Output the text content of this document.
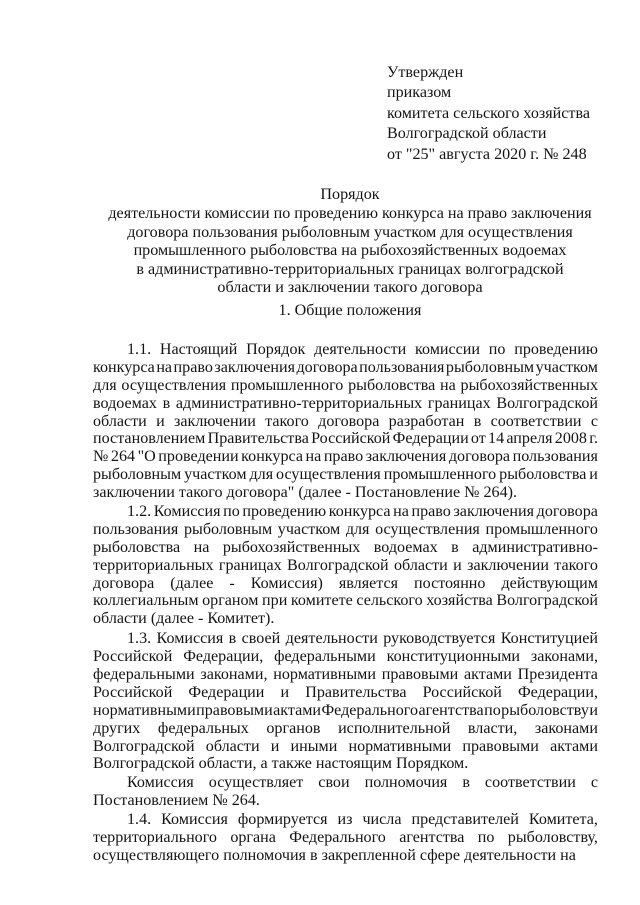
Утвержден
приказом
комитета сельского хозяйства
Волгоградской области
от "25" августа 2020 г. № 248
Порядок
деятельности комиссии по проведению конкурса на право заключения
договора пользования рыболовным участком для осуществления
промышленного рыболовства на рыбохозяйственных водоемах
в административно-территориальных границах волгоградской
области и заключении такого договора
1. Общие положения
1.1. Настоящий Порядок деятельности комиссии по проведению
конкурса на право заключения договора пользования рыболовным участком
для осуществления промышленного рыболовства на рыбохозяйственных
водоемах в административно-территориальных границах Волгоградской
области и заключении такого договора разработан в соответствии с
постановлением Правительства Российской Федерации от 14 апреля 2008 г.
№ 264 "О проведении конкурса на право заключения договора пользования
рыболовным участком для осуществления промышленного рыболовства и
заключении такого договора" (далее - Постановление № 264).
1.2. Комиссия по проведению конкурса на право заключения договора
пользования рыболовным участком для осуществления промышленного
рыболовства на рыбохозяйственных водоемах в административно-
территориальных границах Волгоградской области и заключении такого
договора (далее - Комиссия) является постоянно действующим
коллегиальным органом при комитете сельского хозяйства Волгоградской
области (далее - Комитет).
1.3. Комиссия в своей деятельности руководствуется Конституцией
Российской Федерации, федеральными конституционными законами,
федеральными законами, нормативными правовыми актами Президента
Российской Федерации и Правительства Российской Федерации,
нормативными правовыми актами Федерального агентства по рыболовству и
других федеральных органов исполнительной власти, законами
Волгоградской области и иными нормативными правовыми актами
Волгоградской области, а также настоящим Порядком.
Комиссия осуществляет свои полномочия в соответствии с
Постановлением № 264.
1.4. Комиссия формируется из числа представителей Комитета,
территориального органа Федерального агентства по рыболовству,
осуществляющего полномочия в закрепленной сфере деятельности на
